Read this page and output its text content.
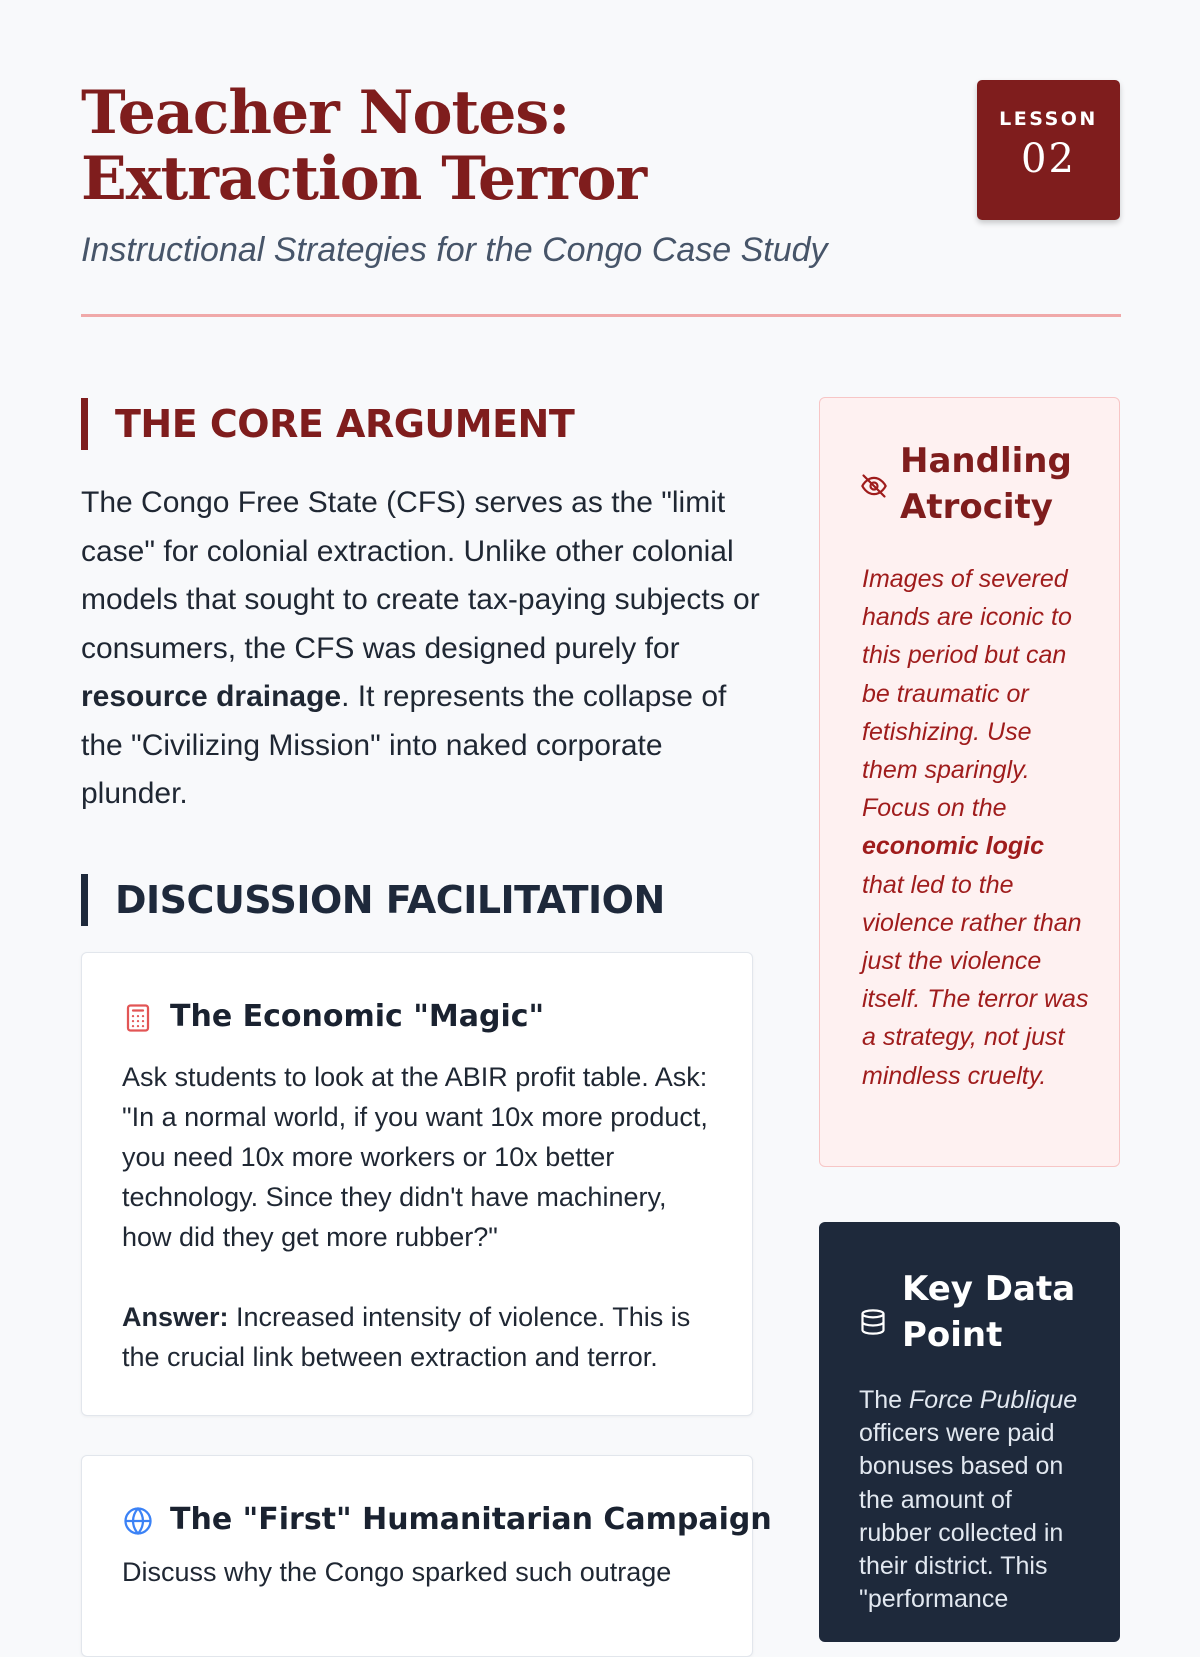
Teacher Notes: Extraction Terror

Instructional Strategies for the Congo Case Study

LESSON
02
THE CORE ARGUMENT

The Congo Free State (CFS) serves as the "limit case" for colonial extraction. Unlike other colonial models that sought to create tax-paying subjects or consumers, the CFS was designed purely for resource drainage. It represents the collapse of the "Civilizing Mission" into naked corporate plunder.

DISCUSSION FACILITATION
The Economic "Magic"

Ask students to look at the ABIR profit table. Ask: "In a normal world, if you want 10x more product, you need 10x more workers or 10x better technology. Since they didn't have machinery, how did they get more rubber?"

Answer: Increased intensity of violence. This is the crucial link between extraction and terror.

The "First" Humanitarian Campaign

Discuss why the Congo sparked such outrage

Handling Atrocity

Images of severed hands are iconic to this period but can be traumatic or fetishizing. Use them sparingly. Focus on the economic logic that led to the violence rather than just the violence itself. The terror was a strategy, not just mindless cruelty.

Key Data Point

The Force Publique officers were paid bonuses based on the amount of rubber collected in their district. This "performance
